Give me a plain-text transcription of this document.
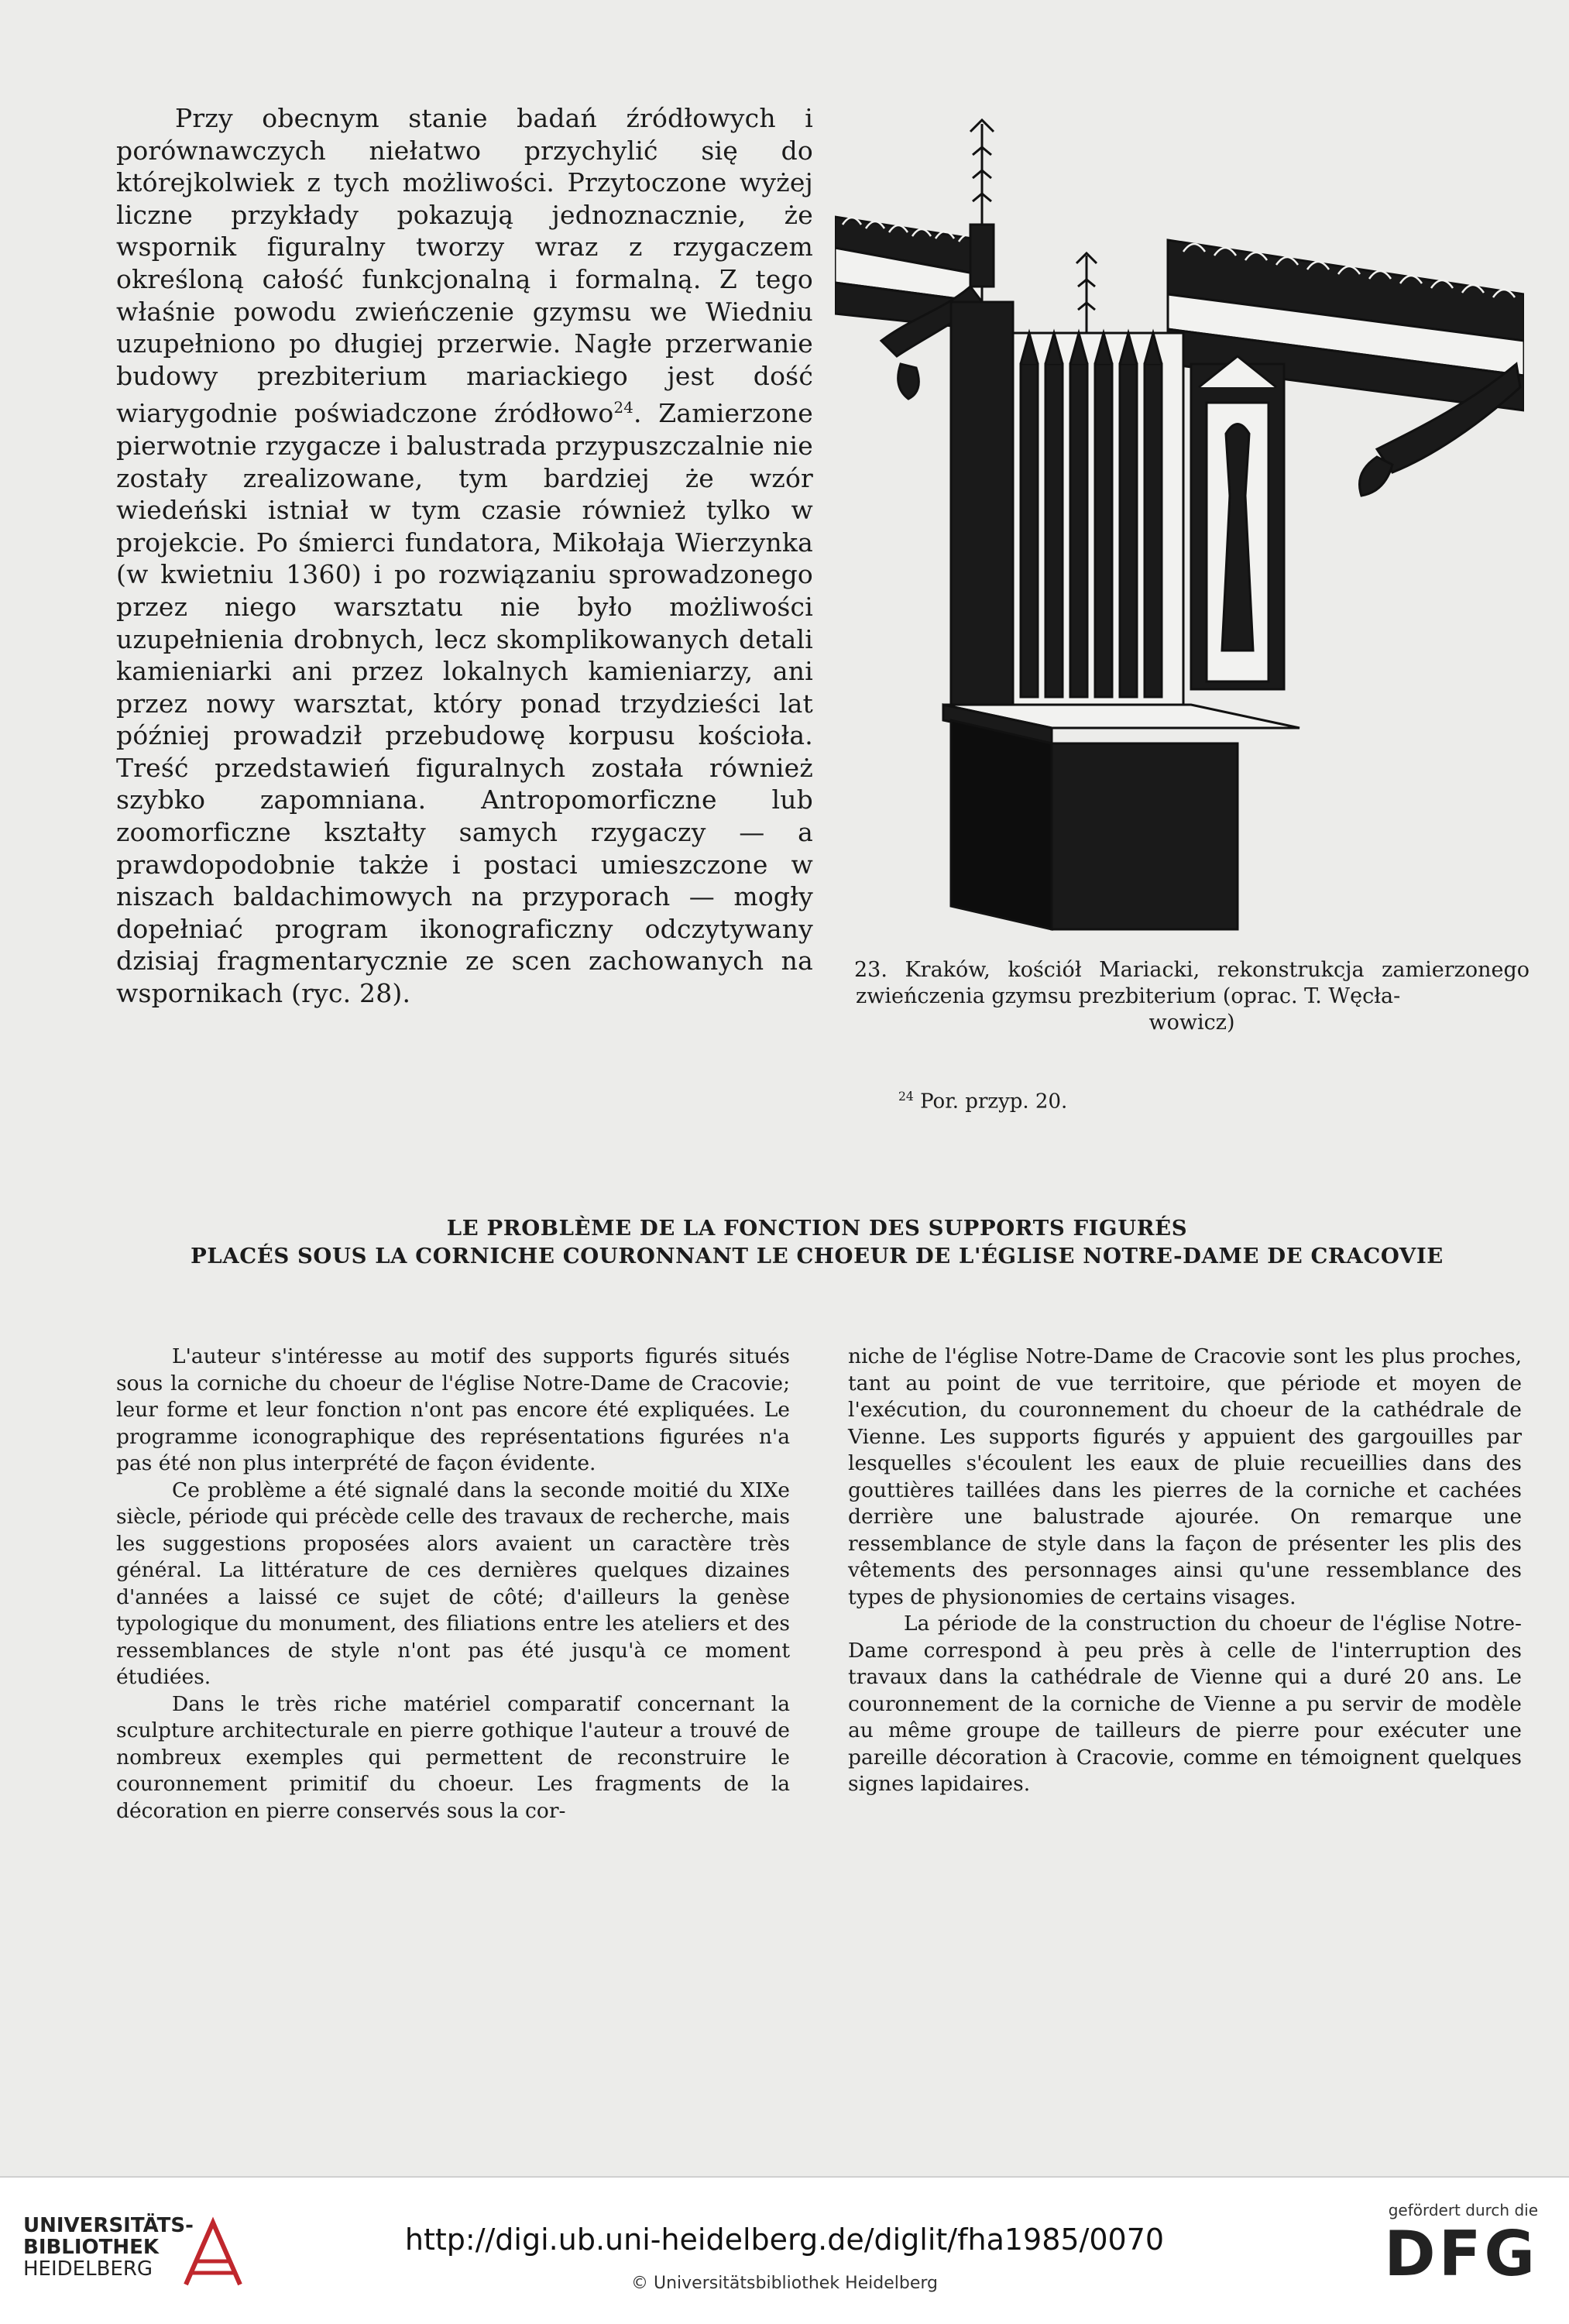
Przy obecnym stanie badań źródłowych i porównawczych niełatwo przychylić się do którejkolwiek z tych możliwości. Przytoczone wyżej liczne przykłady pokazują jednoznacznie, że wspornik figuralny tworzy wraz z rzygaczem określoną całość funkcjonalną i formalną. Z tego właśnie powodu zwieńczenie gzymsu we Wiedniu uzupełniono po długiej przerwie. Nagłe przerwanie budowy prezbiterium mariackiego jest dość wiarygodnie poświadczone źródłowo$^{24}$. Zamierzone pierwotnie rzygacze i balustrada przypuszczalnie nie zostały zrealizowane, tym bardziej że wzór wiedeński istniał w tym czasie również tylko w projekcie. Po śmierci fundatora, Mikołaja Wierzynka (w kwietniu 1360) i po rozwiązaniu sprowadzonego przez niego warsztatu nie było możliwości uzupełnienia drobnych, lecz skomplikowanych detali kamieniarki ani przez lokalnych kamieniarzy, ani przez nowy warsztat, który ponad trzydzieści lat później prowadził przebudowę korpusu kościoła. Treść przedstawień figuralnych została również szybko zapomniana. Antropomorficzne lub zoomorficzne kształty samych rzygaczy — a prawdopodobnie także i postaci umieszczone w niszach baldachimowych na przyporach — mogły dopełniać program ikonograficzny odczytywany dzisiaj fragmentarycznie ze scen zachowanych na wspornikach (ryc. 28).
23. Kraków, kościół Mariacki, rekonstrukcja zamierzonego zwieńczenia gzymsu prezbiterium (oprac. T. Węcła-
wowicz)
$^{24}$ Por. przyp. 20.
LE PROBLÈME DE LA FONCTION DES SUPPORTS FIGURÉS
PLACÉS SOUS LA CORNICHE COURONNANT LE CHOEUR DE L'ÉGLISE NOTRE-DAME DE CRACOVIE

L'auteur s'intéresse au motif des supports figurés situés sous la corniche du choeur de l'église Notre-Dame de Cracovie; leur forme et leur fonction n'ont pas encore été expliquées. Le programme iconographique des représentations figurées n'a pas été non plus interprété de façon évidente.

Ce problème a été signalé dans la seconde moitié du XIXe siècle, période qui précède celle des travaux de recherche, mais les suggestions proposées alors avaient un caractère très général. La littérature de ces dernières quelques dizaines d'années a laissé ce sujet de côté; d'ailleurs la genèse typologique du monument, des filiations entre les ateliers et des ressemblances de style n'ont pas été jusqu'à ce moment étudiées.

Dans le très riche matériel comparatif concernant la sculpture architecturale en pierre gothique l'auteur a trouvé de nombreux exemples qui permettent de reconstruire le couronnement primitif du choeur. Les fragments de la décoration en pierre conservés sous la cor-

niche de l'église Notre-Dame de Cracovie sont les plus proches, tant au point de vue territoire, que période et moyen de l'exécution, du couronnement du choeur de la cathédrale de Vienne. Les supports figurés y appuient des gargouilles par lesquelles s'écoulent les eaux de pluie recueillies dans des gouttières taillées dans les pierres de la corniche et cachées derrière une balustrade ajourée. On remarque une ressemblance de style dans la façon de présenter les plis des vêtements des personnages ainsi qu'une ressemblance des types de physionomies de certains visages.

La période de la construction du choeur de l'église Notre-Dame correspond à peu près à celle de l'interruption des travaux dans la cathédrale de Vienne qui a duré 20 ans. Le couronnement de la corniche de Vienne a pu servir de modèle au même groupe de tailleurs de pierre pour exécuter une pareille décoration à Cracovie, comme en témoignent quelques signes lapidaires.

UNIVERSITÄTS-
BIBLIOTHEK
HEIDELBERG
http://digi.ub.uni-heidelberg.de/diglit/fha1985/0070
© Universitätsbibliothek Heidelberg
gefördert durch die
DFG
